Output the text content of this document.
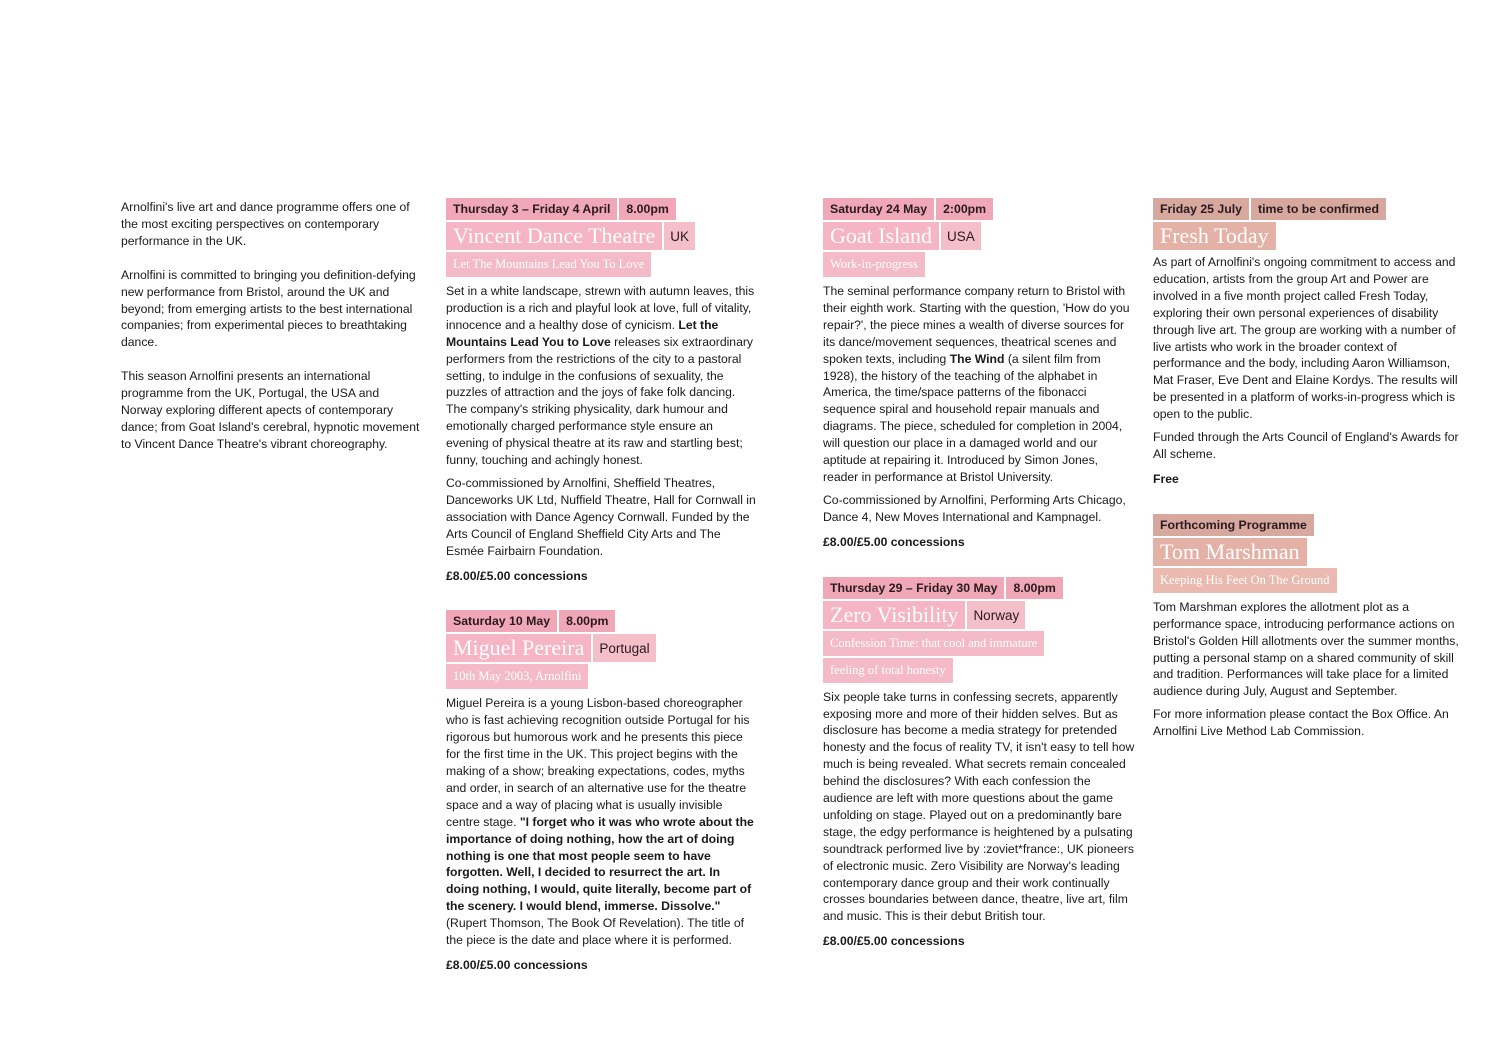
Arnolfini's live art and dance programme offers one of the most exciting perspectives on contemporary performance in the UK.

Arnolfini is committed to bringing you definition-defying new performance from Bristol, around the UK and beyond; from emerging artists to the best international companies; from experimental pieces to breathtaking dance.

This season Arnolfini presents an international programme from the UK, Portugal, the USA and Norway exploring different apects of contemporary dance; from Goat Island's cerebral, hypnotic movement to Vincent Dance Theatre's vibrant choreography.

Thursday 3 – Friday 4 April	8.00pm
Vincent Dance Theatre	UK
Let The Mountains Lead You To Love

Set in a white landscape, strewn with autumn leaves, this production is a rich and playful look at love, full of vitality, innocence and a healthy dose of cynicism. Let the Mountains Lead You to Love releases six extraordinary performers from the restrictions of the city to a pastoral setting, to indulge in the confusions of sexuality, the puzzles of attraction and the joys of fake folk dancing. The company's striking physicality, dark humour and emotionally charged performance style ensure an evening of physical theatre at its raw and startling best; funny, touching and achingly honest.

Co-commissioned by Arnolfini, Sheffield Theatres, Danceworks UK Ltd, Nuffield Theatre, Hall for Cornwall in association with Dance Agency Cornwall. Funded by the Arts Council of England Sheffield City Arts and The Esmée Fairbairn Foundation.

£8.00/£5.00 concessions

Saturday 10 May	8.00pm
Miguel Pereira	Portugal
10th May 2003, Arnolfini

Miguel Pereira is a young Lisbon-based choreographer who is fast achieving recognition outside Portugal for his rigorous but humorous work and he presents this piece for the first time in the UK. This project begins with the making of a show; breaking expectations, codes, myths and order, in search of an alternative use for the theatre space and a way of placing what is usually invisible centre stage. "I forget who it was who wrote about the importance of doing nothing, how the art of doing nothing is one that most people seem to have forgotten. Well, I decided to resurrect the art. In doing nothing, I would, quite literally, become part of the scenery. I would blend, immerse. Dissolve." (Rupert Thomson, The Book Of Revelation). The title of the piece is the date and place where it is performed.

£8.00/£5.00 concessions

Saturday 24 May	2:00pm
Goat Island	USA
Work-in-progress

The seminal performance company return to Bristol with their eighth work. Starting with the question, 'How do you repair?', the piece mines a wealth of diverse sources for its dance/movement sequences, theatrical scenes and spoken texts, including The Wind (a silent film from 1928), the history of the teaching of the alphabet in America, the time/space patterns of the fibonacci sequence spiral and household repair manuals and diagrams. The piece, scheduled for completion in 2004, will question our place in a damaged world and our aptitude at repairing it. Introduced by Simon Jones, reader in performance at Bristol University.

Co-commissioned by Arnolfini, Performing Arts Chicago, Dance 4, New Moves International and Kampnagel.

£8.00/£5.00 concessions

Thursday 29 – Friday 30 May	8.00pm
Zero Visibility	Norway
Confession Time: that cool and immature
feeling of total honesty

Six people take turns in confessing secrets, apparently exposing more and more of their hidden selves. But as disclosure has become a media strategy for pretended honesty and the focus of reality TV, it isn't easy to tell how much is being revealed. What secrets remain concealed behind the disclosures? With each confession the audience are left with more questions about the game unfolding on stage. Played out on a predominantly bare stage, the edgy performance is heightened by a pulsating soundtrack performed live by :zoviet*france:, UK pioneers of electronic music. Zero Visibility are Norway's leading contemporary dance group and their work continually crosses boundaries between dance, theatre, live art, film and music. This is their debut British tour.

£8.00/£5.00 concessions

Friday 25 July	time to be confirmed
Fresh Today

As part of Arnolfini's ongoing commitment to access and education, artists from the group Art and Power are involved in a five month project called Fresh Today, exploring their own personal experiences of disability through live art. The group are working with a number of live artists who work in the broader context of performance and the body, including Aaron Williamson, Mat Fraser, Eve Dent and Elaine Kordys. The results will be presented in a platform of works-in-progress which is open to the public.

Funded through the Arts Council of England's Awards for All scheme.

Free

Forthcoming Programme
Tom Marshman
Keeping His Feet On The Ground

Tom Marshman explores the allotment plot as a performance space, introducing performance actions on Bristol's Golden Hill allotments over the summer months, putting a personal stamp on a shared community of skill and tradition. Performances will take place for a limited audience during July, August and September.

For more information please contact the Box Office. An Arnolfini Live Method Lab Commission.
